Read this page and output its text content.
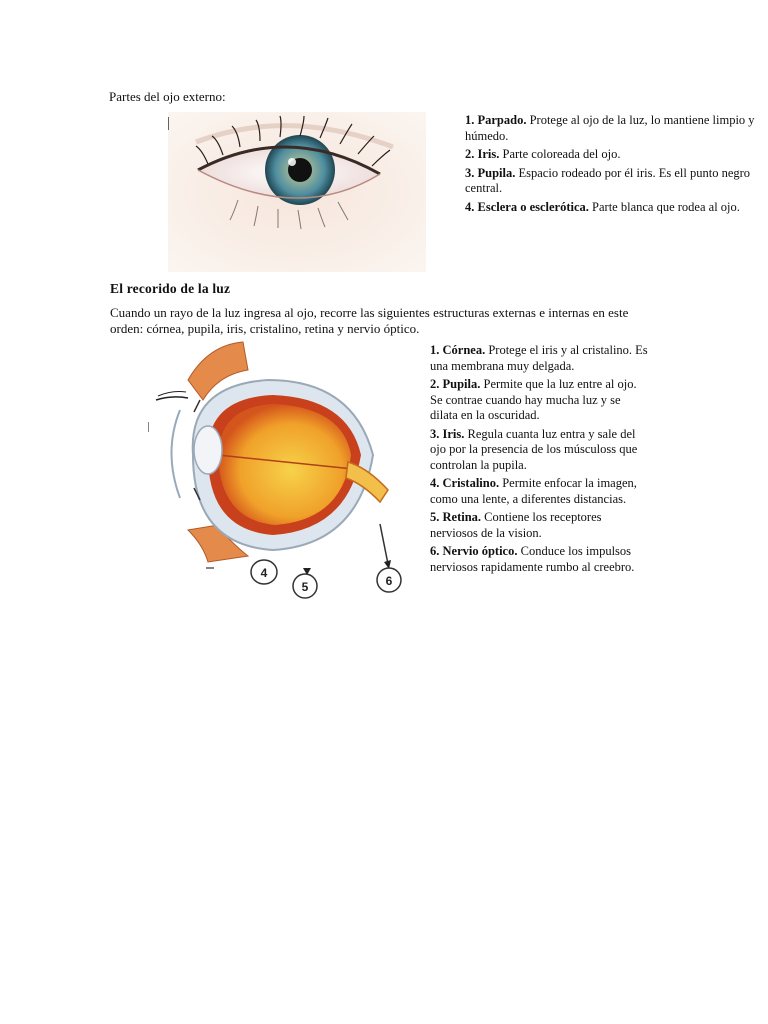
Partes del ojo externo:

1. Parpado. Protege al ojo de la luz, lo mantiene limpio y húmedo.

2. Iris. Parte coloreada del ojo.

3. Pupila. Espacio rodeado por él iris. Es ell punto negro central.

4. Esclera o esclerótica. Parte blanca que rodea al ojo.

El recorido de la luz
Cuando un rayo de la luz ingresa al ojo, recorre las siguientes estructuras externas e internas en este orden: córnea, pupila, iris, cristalino, retina y nervio óptico.
4
5	6

1. Córnea. Protege el iris y al cristalino. Es una membrana muy delgada.

2. Pupila. Permite que la luz entre al ojo. Se contrae cuando hay mucha luz y se dilata en la oscuridad.

3. Iris. Regula cuanta luz entra y sale del ojo por la presencia de los músculoss que controlan la pupila.

4. Cristalino. Permite enfocar la imagen, como una lente, a diferentes distancias.

5. Retina. Contiene los receptores nerviosos de la vision.

6. Nervio óptico. Conduce los impulsos nerviosos rapidamente rumbo al creebro.
